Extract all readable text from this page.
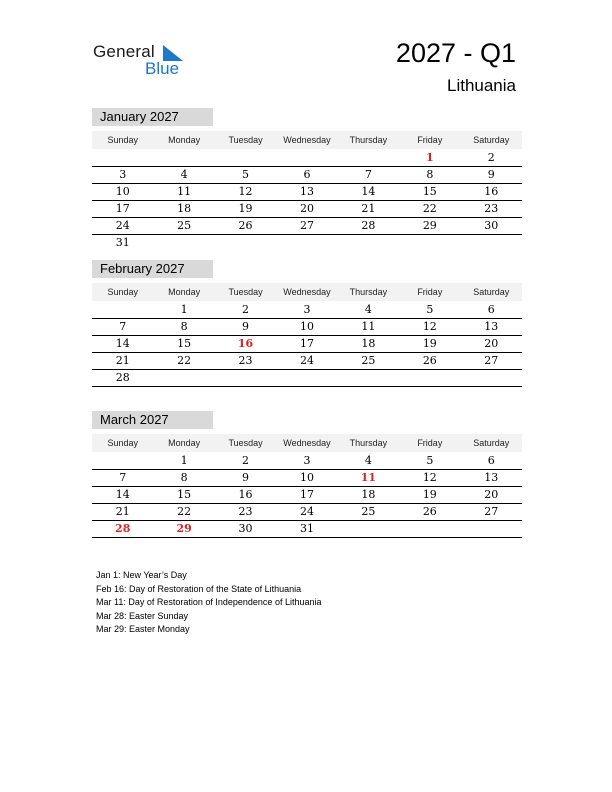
General
Blue
2027 - Q1
Lithuania
January 2027
Sunday	Monday	Tuesday	Wednesday	Thursday	Friday	Saturday
					1	2
3	4	5	6	7	8	9
10	11	12	13	14	15	16
17	18	19	20	21	22	23
24	25	26	27	28	29	30
31						
February 2027
Sunday	Monday	Tuesday	Wednesday	Thursday	Friday	Saturday
	1	2	3	4	5	6
7	8	9	10	11	12	13
14	15	16	17	18	19	20
21	22	23	24	25	26	27
28						
March 2027
Sunday	Monday	Tuesday	Wednesday	Thursday	Friday	Saturday
	1	2	3	4	5	6
7	8	9	10	11	12	13
14	15	16	17	18	19	20
21	22	23	24	25	26	27
28	29	30	31			
Jan 1: New Year’s Day
Feb 16: Day of Restoration of the State of Lithuania
Mar 11: Day of Restoration of Independence of Lithuania
Mar 28: Easter Sunday
Mar 29: Easter Monday
